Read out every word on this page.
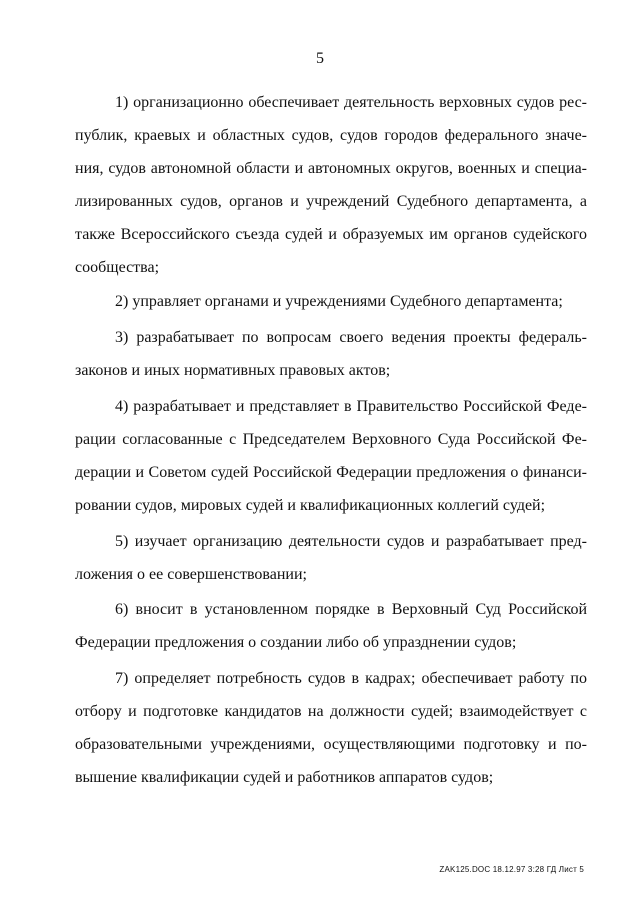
5
1) организационно обеспечивает деятельность верховных судов рес-
публик, краевых и областных судов, судов городов федерального значе-
ния, судов автономной области и автономных округов, военных и специа-
лизированных судов, органов и учреждений Судебного департамента, а
также Всероссийского съезда судей и образуемых им органов судейского
сообщества;
2) управляет органами и учреждениями Судебного департамента;
3) разрабатывает по вопросам своего ведения проекты федераль-
законов и иных нормативных правовых актов;
4) разрабатывает и представляет в Правительство Российской Феде-
рации согласованные с Председателем Верховного Суда Российской Фе-
дерации и Советом судей Российской Федерации предложения о финанси-
ровании судов, мировых судей и квалификационных коллегий судей;
5) изучает организацию деятельности судов и разрабатывает пред-
ложения о ее совершенствовании;
6) вносит в установленном порядке в Верховный Суд Российской
Федерации предложения о создании либо об упразднении судов;
7) определяет потребность судов в кадрах; обеспечивает работу по
отбору и подготовке кандидатов на должности судей; взаимодействует с
образовательными учреждениями, осуществляющими подготовку и по-
вышение квалификации судей и работников аппаратов судов;
ZAK125.DOC 18.12.97 3:28 ГД Лист 5
